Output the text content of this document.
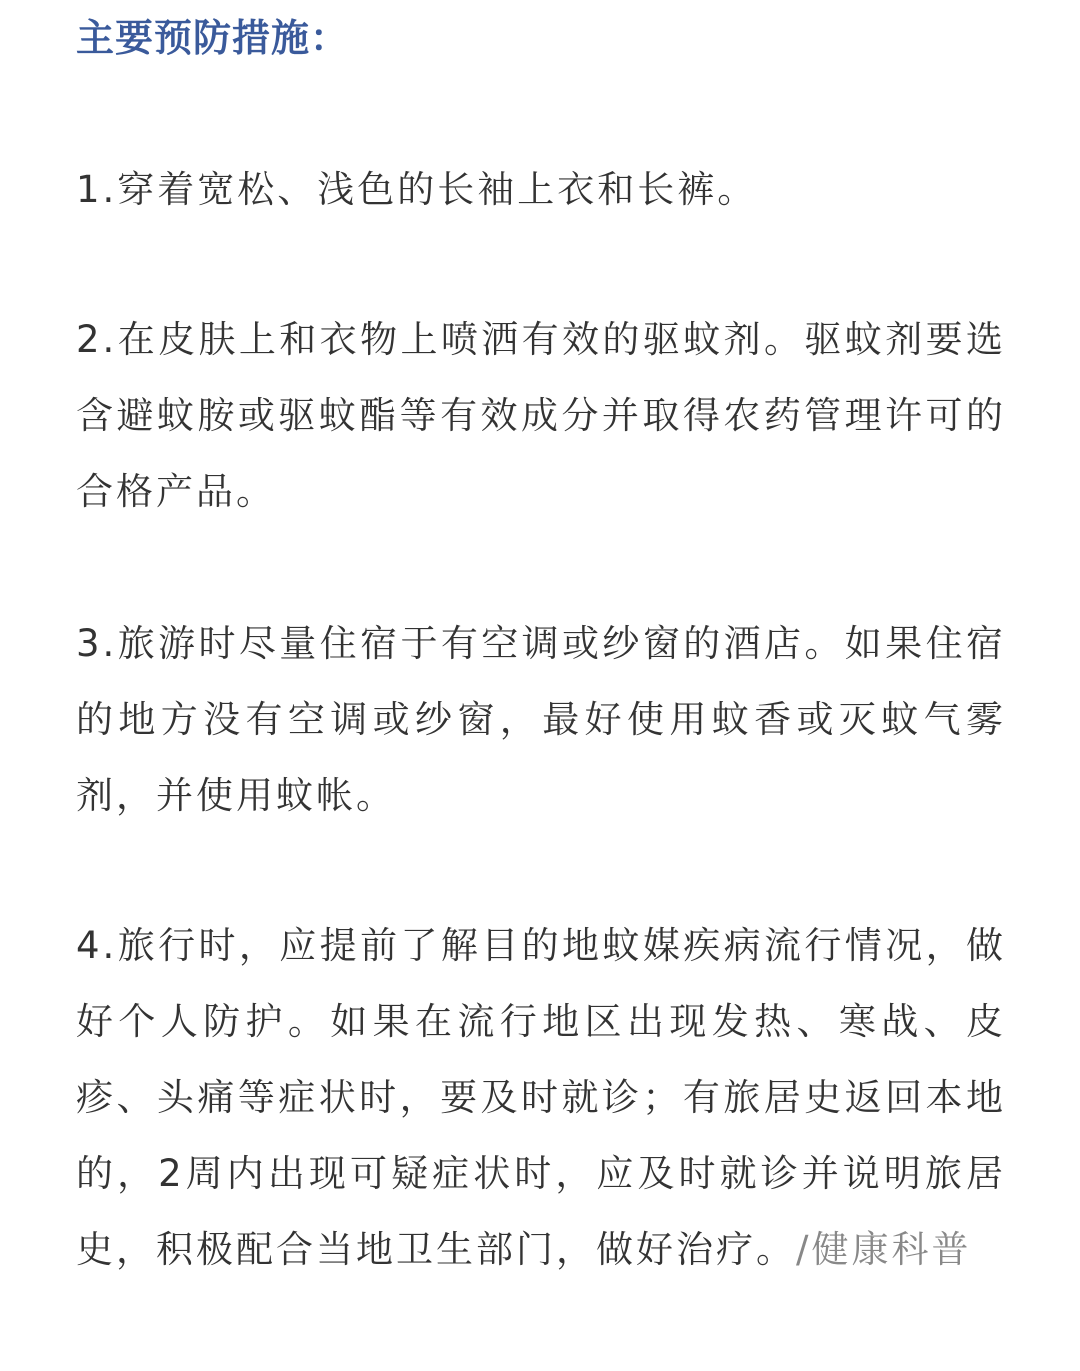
主要预防措施：

1.穿着宽松、浅色的长袖上衣和长裤。

2.在皮肤上和衣物上喷洒有效的驱蚊剂。驱蚊剂要选含避蚊胺或驱蚊酯等有效成分并取得农药管理许可的合格产品。

3.旅游时尽量住宿于有空调或纱窗的酒店。如果住宿的地方没有空调或纱窗，最好使用蚊香或灭蚊气雾剂，并使用蚊帐。

4.旅行时，应提前了解目的地蚊媒疾病流行情况，做好个人防护。如果在流行地区出现发热、寒战、皮疹、头痛等症状时，要及时就诊；有旅居史返回本地的，2周内出现可疑症状时，应及时就诊并说明旅居史，积极配合当地卫生部门，做好治疗。/健康科普
